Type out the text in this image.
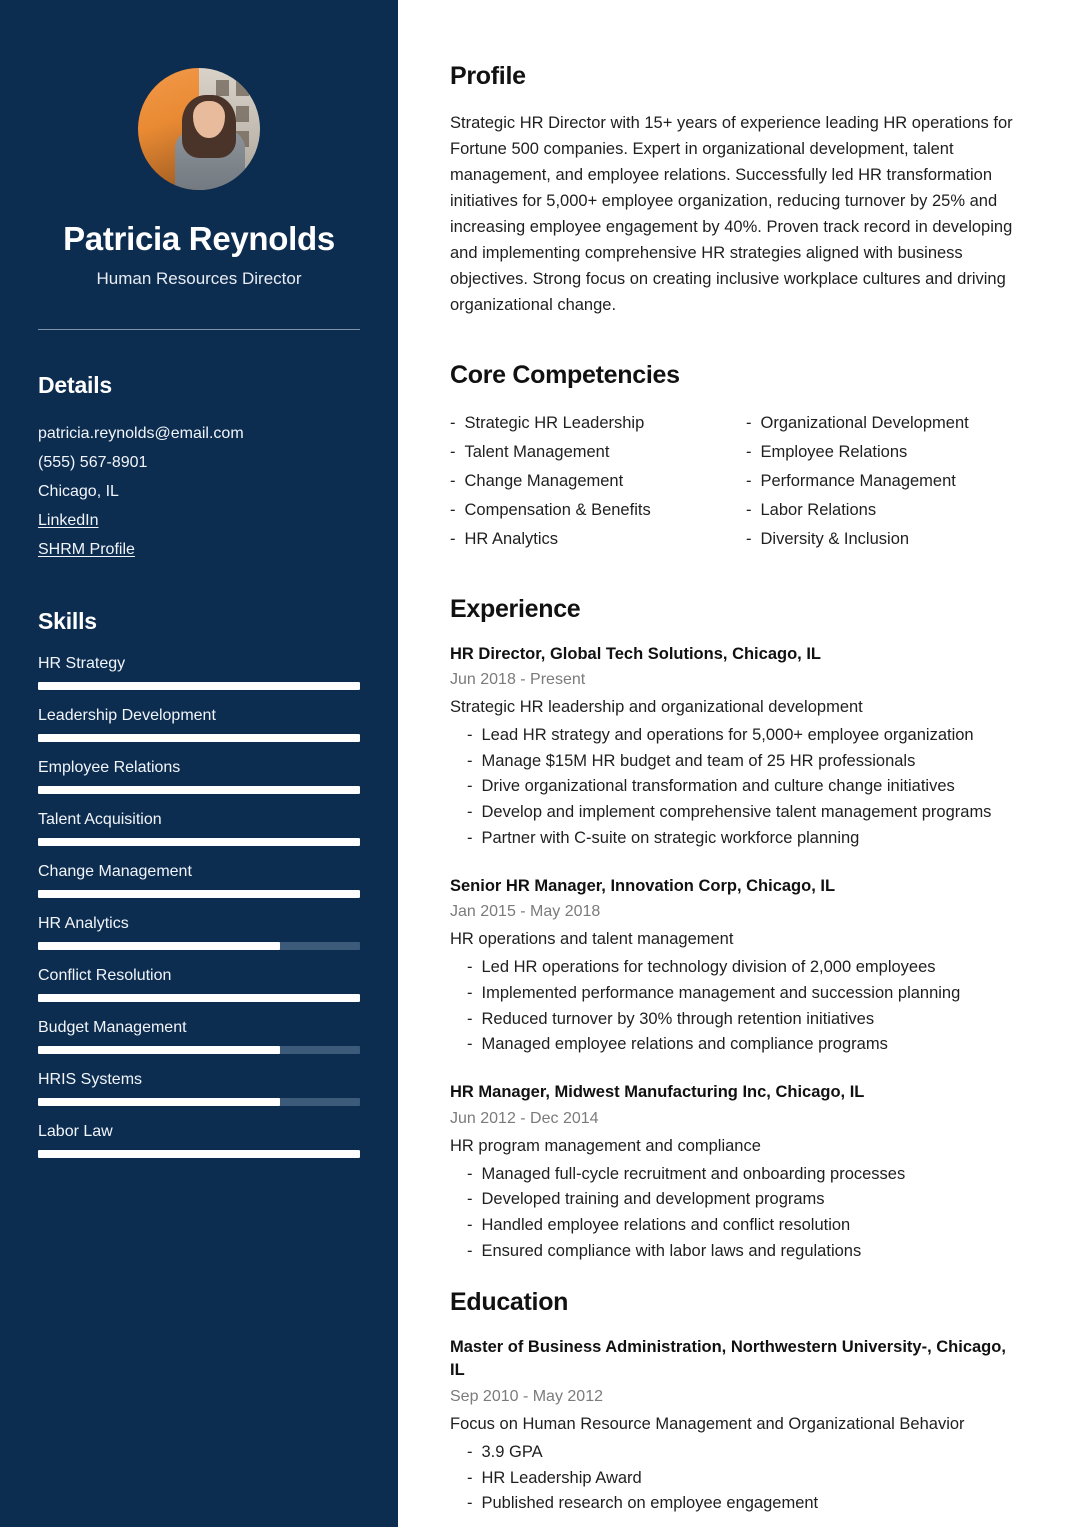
Patricia Reynolds
Human Resources Director
Details
patricia.reynolds@email.com
(555) 567-8901
Chicago, IL
LinkedIn
SHRM Profile
Skills
HR Strategy
Leadership Development
Employee Relations
Talent Acquisition
Change Management
HR Analytics
Conflict Resolution
Budget Management
HRIS Systems
Labor Law
Profile

Strategic HR Director with 15+ years of experience leading HR operations for Fortune 500 companies. Expert in organizational development, talent management, and employee relations. Successfully led HR transformation initiatives for 5,000+ employee organization, reducing turnover by 25% and increasing employee engagement by 40%. Proven track record in developing and implementing comprehensive HR strategies aligned with business objectives. Strong focus on creating inclusive workplace cultures and driving organizational change.

Core Competencies
- Strategic HR Leadership	- Organizational Development
- Talent Management	- Employee Relations
- Change Management	- Performance Management
- Compensation & Benefits	- Labor Relations
- HR Analytics	- Diversity & Inclusion
Experience
HR Director, Global Tech Solutions, Chicago, IL
Jun 2018 - Present
Strategic HR leadership and organizational development
- Lead HR strategy and operations for 5,000+ employee organization
- Manage $15M HR budget and team of 25 HR professionals
- Drive organizational transformation and culture change initiatives
- Develop and implement comprehensive talent management programs
- Partner with C-suite on strategic workforce planning
Senior HR Manager, Innovation Corp, Chicago, IL
Jan 2015 - May 2018
HR operations and talent management
- Led HR operations for technology division of 2,000 employees
- Implemented performance management and succession planning
- Reduced turnover by 30% through retention initiatives
- Managed employee relations and compliance programs
HR Manager, Midwest Manufacturing Inc, Chicago, IL
Jun 2012 - Dec 2014
HR program management and compliance
- Managed full-cycle recruitment and onboarding processes
- Developed training and development programs
- Handled employee relations and conflict resolution
- Ensured compliance with labor laws and regulations
Education
Master of Business Administration, Northwestern University-, Chicago, IL
Sep 2010 - May 2012
Focus on Human Resource Management and Organizational Behavior
- 3.9 GPA
- HR Leadership Award
- Published research on employee engagement
